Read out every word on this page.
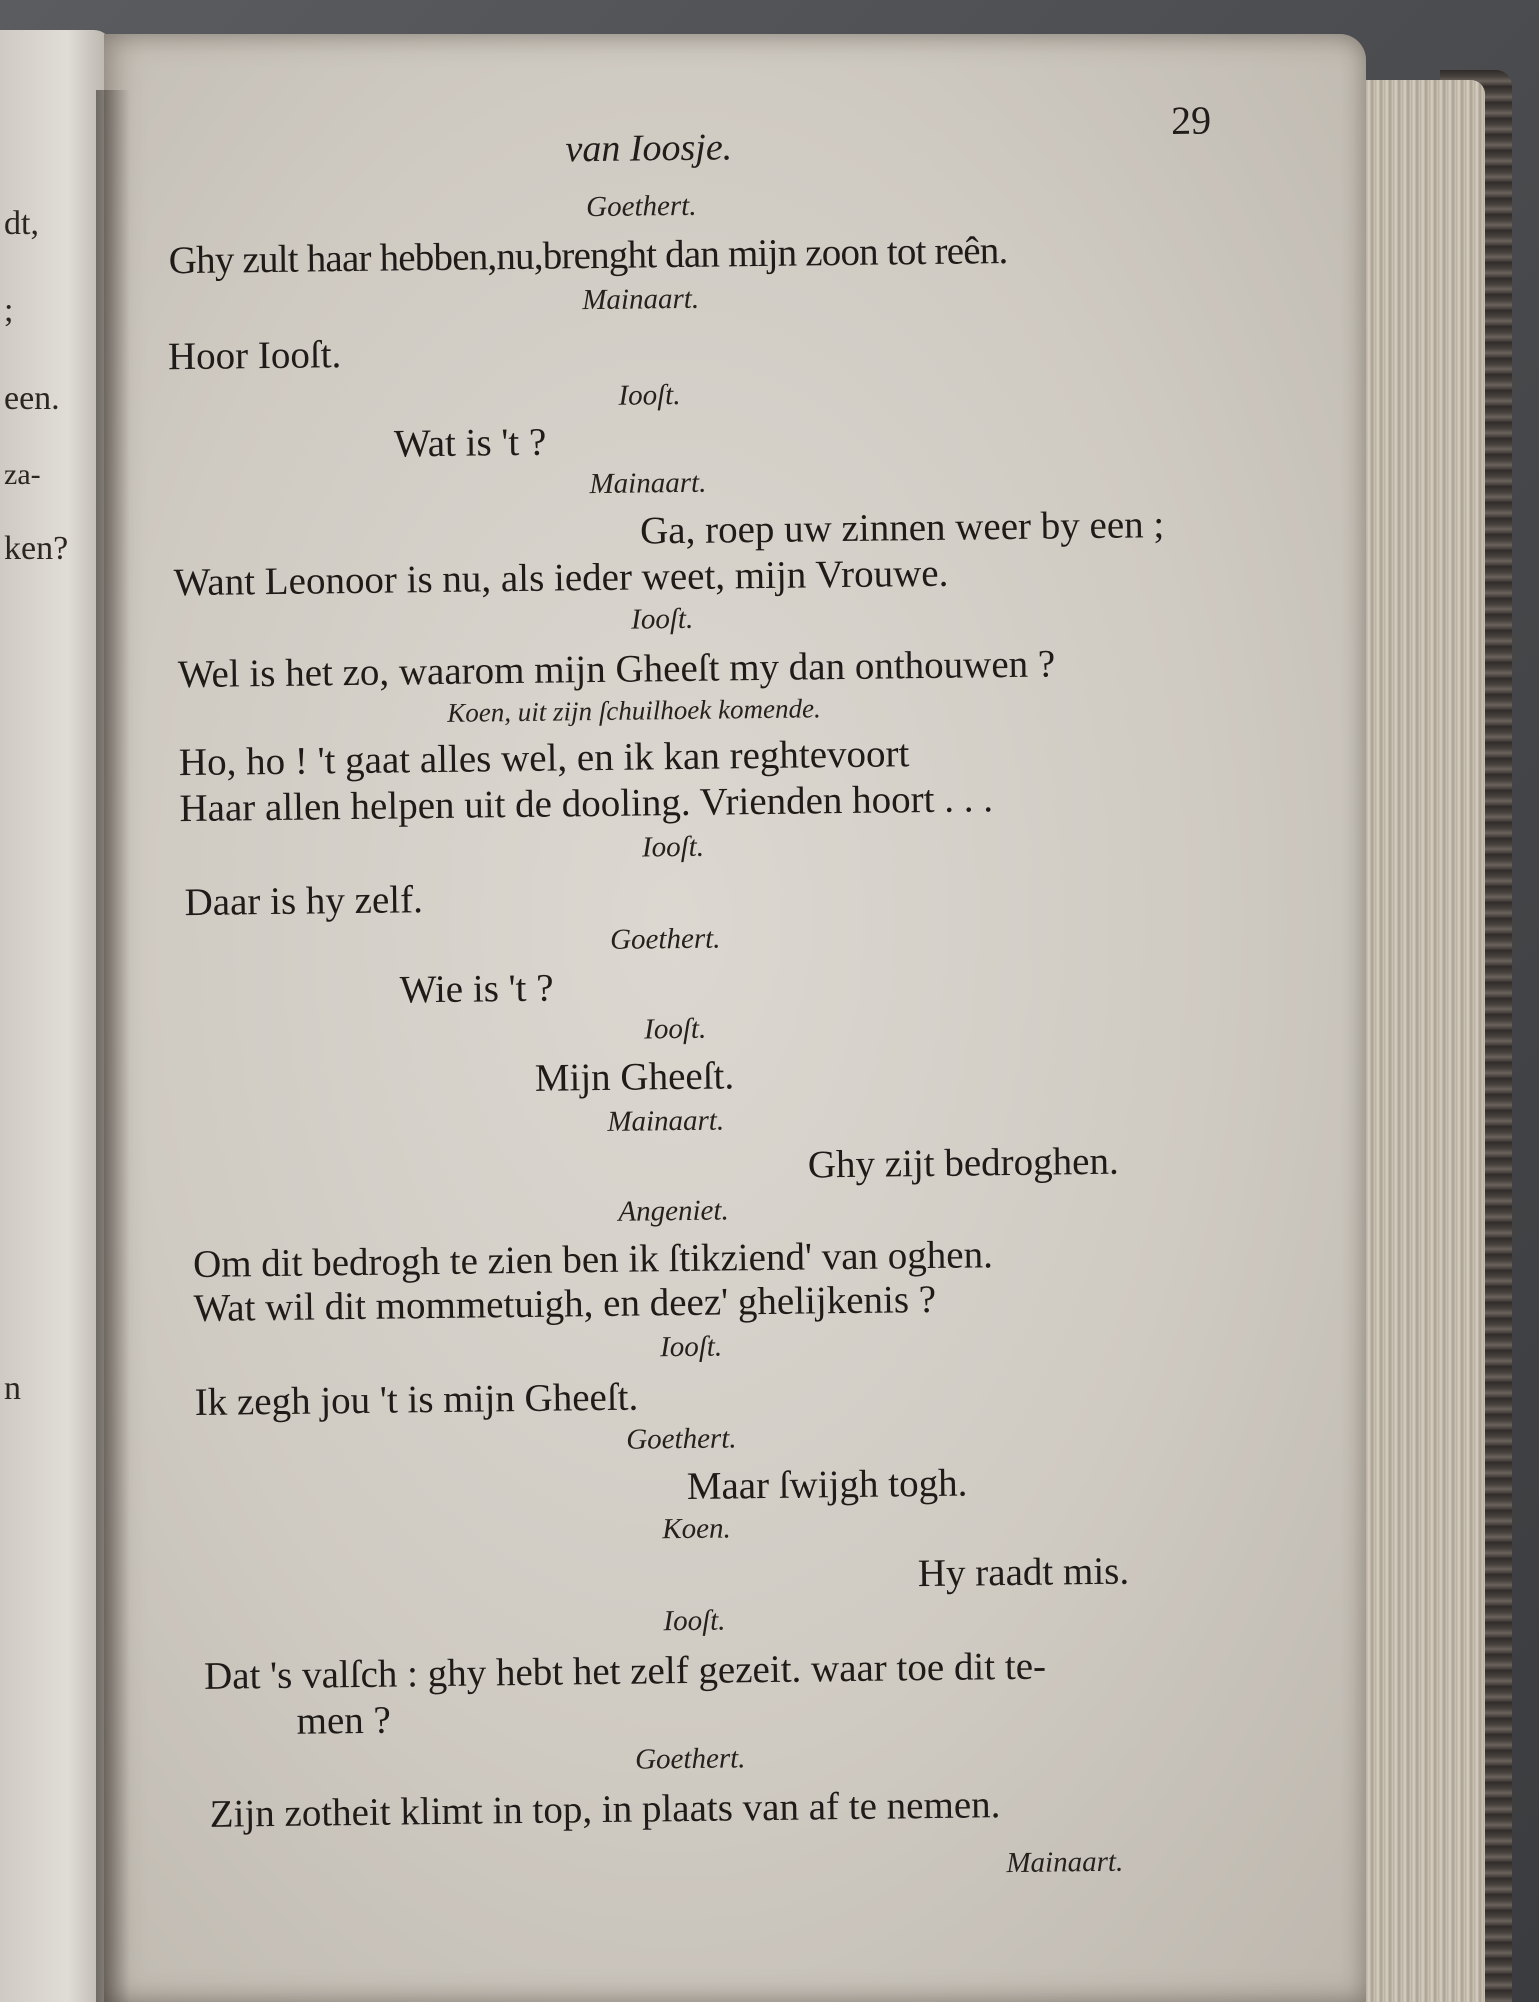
dt,
;
een.
za-
ken?
n

van Ioosje.

29

Goethert.

Ghy zult haar hebben,nu,brenght dan mijn zoon tot reên.

Mainaart.

Hoor Iooſt.

Iooſt.

Wat is 't ?

Mainaart.

Ga, roep uw zinnen weer by een ;

Want Leonoor is nu, als ieder weet, mijn Vrouwe.

Iooſt.

Wel is het zo, waarom mijn Gheeſt my dan onthouwen ?

Koen, uit zijn ſchuilhoek komende.

Ho, ho ! 't gaat alles wel, en ik kan reghtevoort

Haar allen helpen uit de dooling. Vrienden hoort . . .

Iooſt.

Daar is hy zelf.

Goethert.

Wie is 't ?

Iooſt.

Mijn Gheeſt.

Mainaart.

Ghy zijt bedroghen.

Angeniet.

Om dit bedrogh te zien ben ik ſtikziend' van oghen.

Wat wil dit mommetuigh, en deez' ghelijkenis ?

Iooſt.

Ik zegh jou 't is mijn Gheeſt.

Goethert.

Maar ſwijgh togh.

Koen.

Hy raadt mis.

Iooſt.

Dat 's valſch : ghy hebt het zelf gezeit. waar toe dit te-

men ?

Goethert.

Zijn zotheit klimt in top, in plaats van af te nemen.

Mainaart.
